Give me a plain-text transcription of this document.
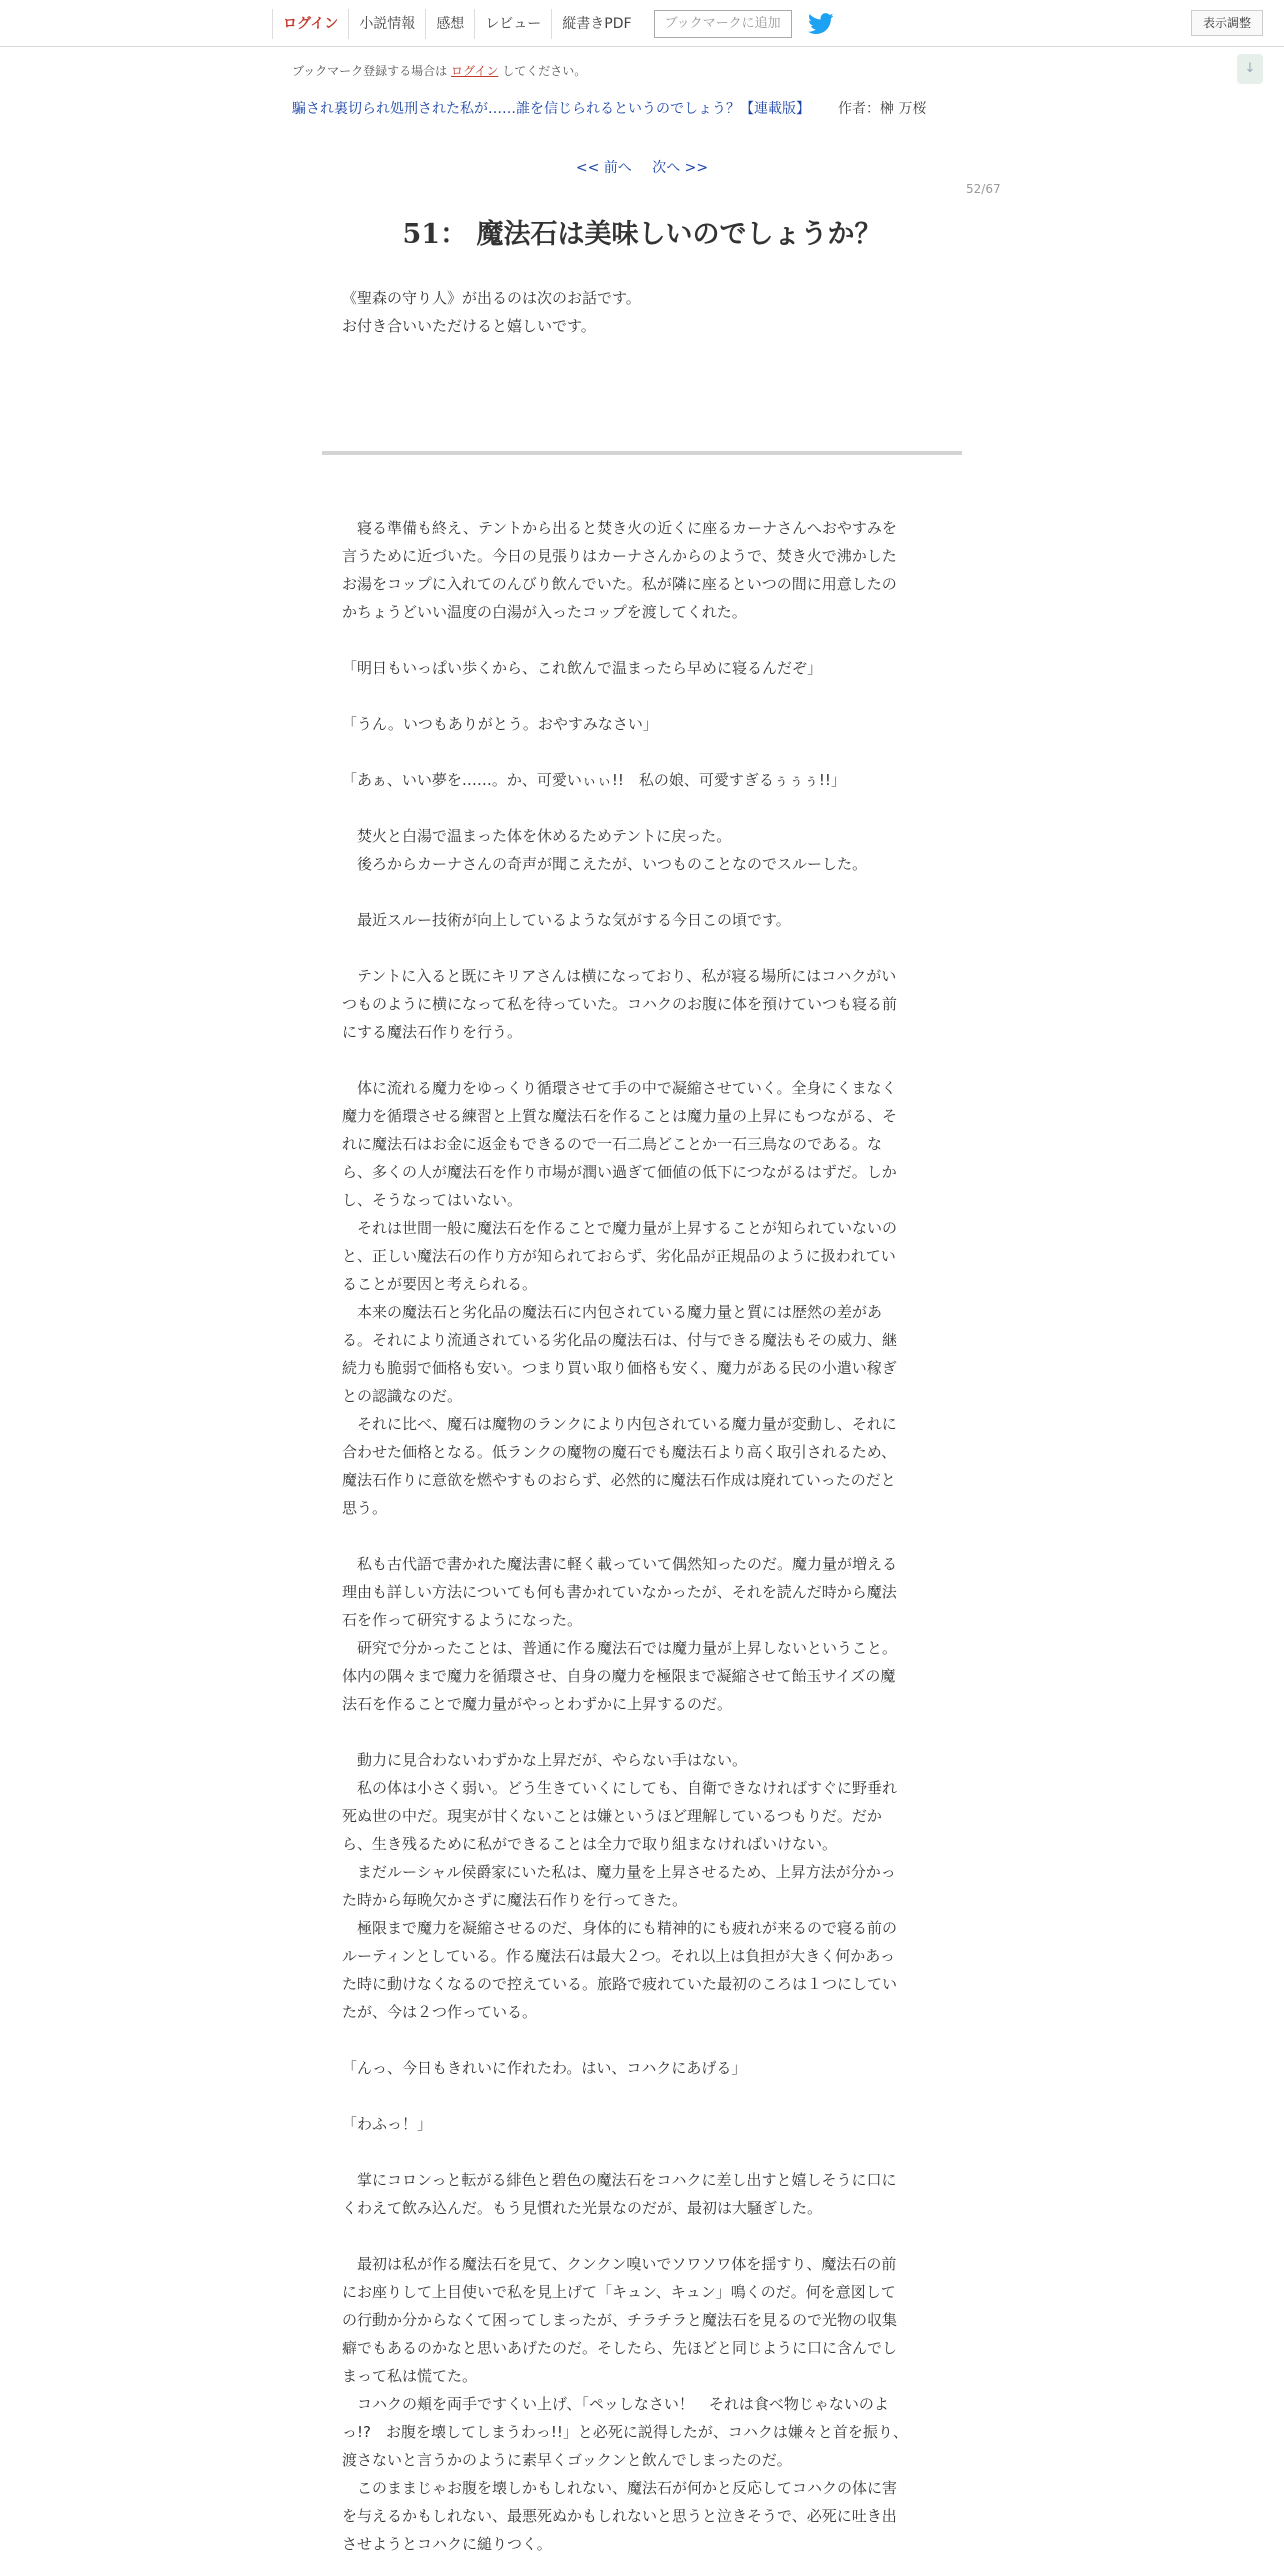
ログイン	小説情報	感想	レビュー	縦書きPDF	ブックマークに追加	表示調整
↓
ブックマーク登録する場合は ログイン してください。
騙され裏切られ処刑された私が……誰を信じられるというのでしょう？【連載版】 作者：榊 万桜
<< 前へ 次へ >>
52/67
51： 魔法石は美味しいのでしょうか？

《聖森の守り人》が出るのは次のお話です。

お付き合いいただけると嬉しいです。

　寝る準備も終え、テントから出ると焚き火の近くに座るカーナさんへおやすみを

言うために近づいた。今日の見張りはカーナさんからのようで、焚き火で沸かした

お湯をコップに入れてのんびり飲んでいた。私が隣に座るといつの間に用意したの

かちょうどいい温度の白湯が入ったコップを渡してくれた。

「明日もいっぱい歩くから、これ飲んで温まったら早めに寝るんだぞ」

「うん。いつもありがとう。おやすみなさい」

「あぁ、いい夢を……。か、可愛いぃぃ!!　私の娘、可愛すぎるぅぅぅ!!」

　焚火と白湯で温まった体を休めるためテントに戻った。

　後ろからカーナさんの奇声が聞こえたが、いつものことなのでスルーした。

　最近スルー技術が向上しているような気がする今日この頃です。

　テントに入ると既にキリアさんは横になっており、私が寝る場所にはコハクがい

つものように横になって私を待っていた。コハクのお腹に体を預けていつも寝る前

にする魔法石作りを行う。

　体に流れる魔力をゆっくり循環させて手の中で凝縮させていく。全身にくまなく

魔力を循環させる練習と上質な魔法石を作ることは魔力量の上昇にもつながる、そ

れに魔法石はお金に返金もできるので一石二鳥どことか一石三鳥なのである。な

ら、多くの人が魔法石を作り市場が潤い過ぎて価値の低下につながるはずだ。しか

し、そうなってはいない。

　それは世間一般に魔法石を作ることで魔力量が上昇することが知られていないの

と、正しい魔法石の作り方が知られておらず、劣化品が正規品のように扱われてい

ることが要因と考えられる。

　本来の魔法石と劣化品の魔法石に内包されている魔力量と質には歴然の差があ

る。それにより流通されている劣化品の魔法石は、付与できる魔法もその威力、継

続力も脆弱で価格も安い。つまり買い取り価格も安く、魔力がある民の小遣い稼ぎ

との認識なのだ。

　それに比べ、魔石は魔物のランクにより内包されている魔力量が変動し、それに

合わせた価格となる。低ランクの魔物の魔石でも魔法石より高く取引されるため、

魔法石作りに意欲を燃やすものおらず、必然的に魔法石作成は廃れていったのだと

思う。

　私も古代語で書かれた魔法書に軽く載っていて偶然知ったのだ。魔力量が増える

理由も詳しい方法についても何も書かれていなかったが、それを読んだ時から魔法

石を作って研究するようになった。

　研究で分かったことは、普通に作る魔法石では魔力量が上昇しないということ。

体内の隅々まで魔力を循環させ、自身の魔力を極限まで凝縮させて飴玉サイズの魔

法石を作ることで魔力量がやっとわずかに上昇するのだ。

　動力に見合わないわずかな上昇だが、やらない手はない。

　私の体は小さく弱い。どう生きていくにしても、自衛できなければすぐに野垂れ

死ぬ世の中だ。現実が甘くないことは嫌というほど理解しているつもりだ。だか

ら、生き残るために私ができることは全力で取り組まなければいけない。

　まだルーシャル侯爵家にいた私は、魔力量を上昇させるため、上昇方法が分かっ

た時から毎晩欠かさずに魔法石作りを行ってきた。

　極限まで魔力を凝縮させるのだ、身体的にも精神的にも疲れが来るので寝る前の

ルーティンとしている。作る魔法石は最大２つ。それ以上は負担が大きく何かあっ

た時に動けなくなるので控えている。旅路で疲れていた最初のころは１つにしてい

たが、今は２つ作っている。

「んっ、今日もきれいに作れたわ。はい、コハクにあげる」

「わふっ！」

　掌にコロンっと転がる緋色と碧色の魔法石をコハクに差し出すと嬉しそうに口に

くわえて飲み込んだ。もう見慣れた光景なのだが、最初は大騒ぎした。

　最初は私が作る魔法石を見て、クンクン嗅いでソワソワ体を揺すり、魔法石の前

にお座りして上目使いで私を見上げて「キュン、キュン」鳴くのだ。何を意図して

の行動か分からなくて困ってしまったが、チラチラと魔法石を見るので光物の収集

癖でもあるのかなと思いあげたのだ。そしたら、先ほどと同じように口に含んでし

まって私は慌てた。

　コハクの頬を両手ですくい上げ、「ペッしなさい！　それは食べ物じゃないのよ

っ!?　お腹を壊してしまうわっ!!」と必死に説得したが、コハクは嫌々と首を振り、

渡さないと言うかのように素早くゴックンと飲んでしまったのだ。

　このままじゃお腹を壊しかもしれない、魔法石が何かと反応してコハクの体に害

を与えるかもしれない、最悪死ぬかもしれないと思うと泣きそうで、必死に吐き出

させようとコハクに縋りつく。
